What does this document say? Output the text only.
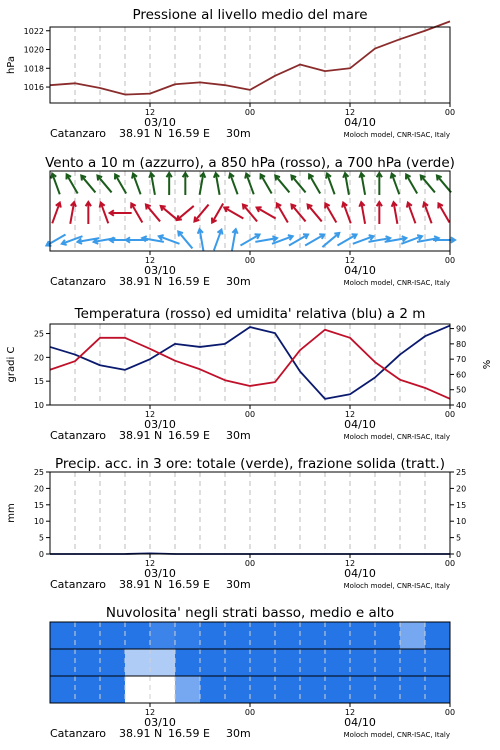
Pressione al livello medio del mare
1016
1018
1020
1022
hPa
12	00	12	00
03/10	04/10
Catanzaro 38.91 N 16.59 E 30m	Moloch model, CNR-ISAC, Italy
Vento a 10 m (azzurro), a 850 hPa (rosso), a 700 hPa (verde)
12	00	12	00
03/10	04/10
Catanzaro 38.91 N 16.59 E 30m	Moloch model, CNR-ISAC, Italy
Temperatura (rosso) ed umidita' relativa (blu) a 2 m
10
15
20
25
40
50
60
70
80
90
gradi C	%
12	00	12	00
03/10	04/10
Catanzaro 38.91 N 16.59 E 30m	Moloch model, CNR-ISAC, Italy
Precip. acc. in 3 ore: totale (verde), frazione solida (tratt.)
0
5
10
15
20
25
0
5
10
15
20
25
mm
12	00	12	00
03/10	04/10
Catanzaro 38.91 N 16.59 E 30m	Moloch model, CNR-ISAC, Italy
Nuvolosita' negli strati basso, medio e alto
12	00	12	00
03/10	04/10
Catanzaro 38.91 N 16.59 E 30m	Moloch model, CNR-ISAC, Italy
